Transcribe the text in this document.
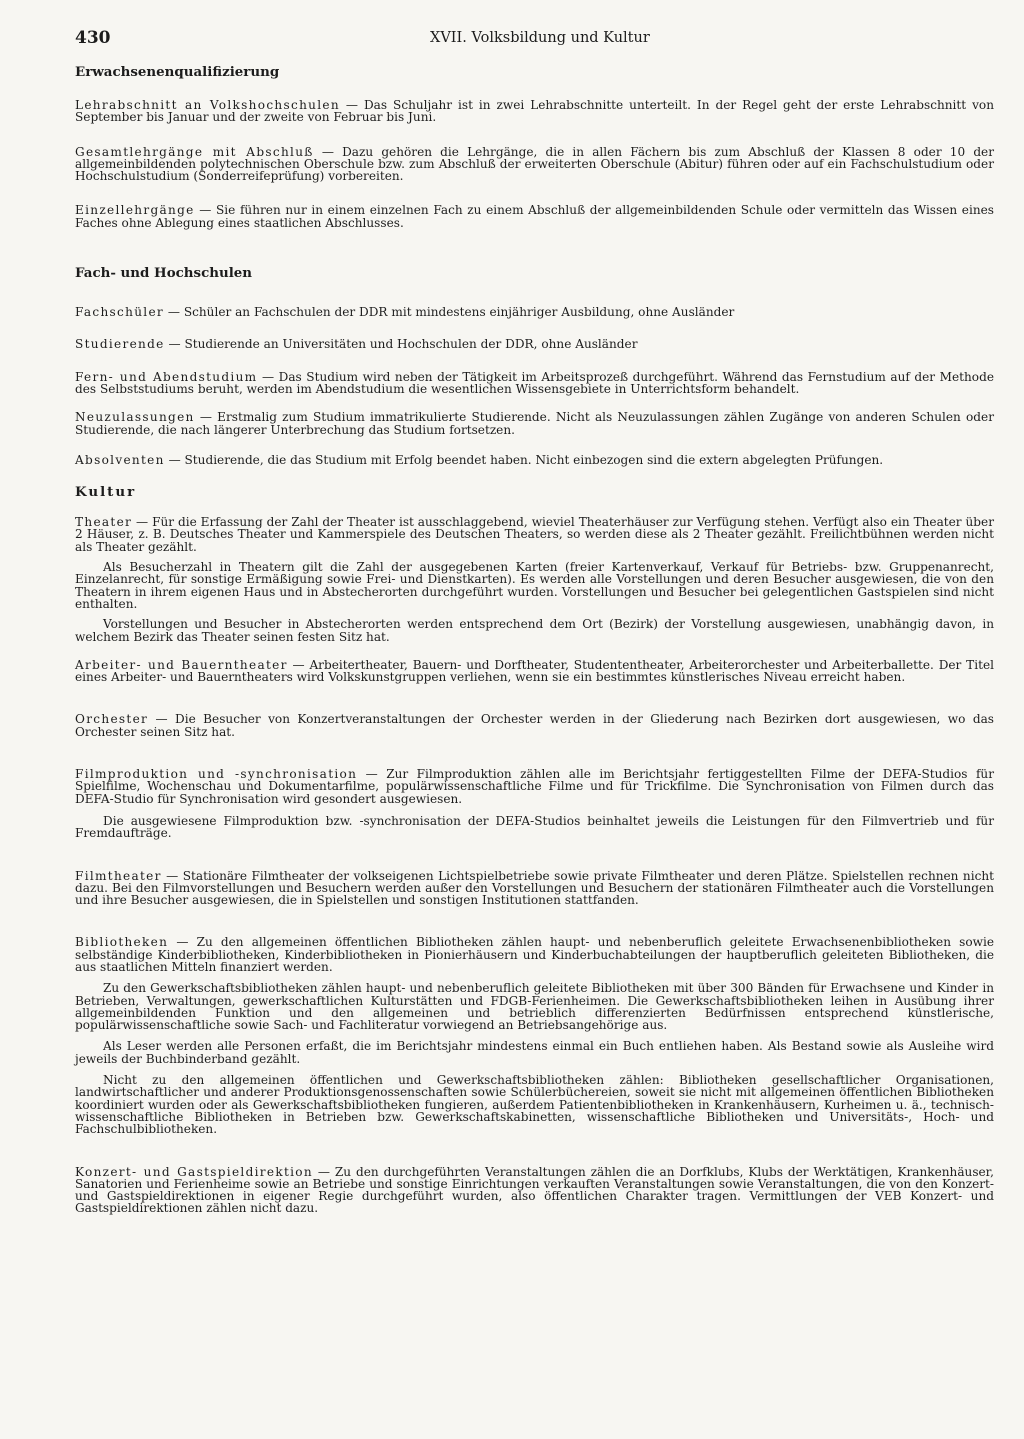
430	XVII. Volksbildung und Kultur
Erwachsenenqualifizierung

Lehrabschnitt an Volkshochschulen — Das Schuljahr ist in zwei Lehrabschnitte unterteilt. In der Regel geht der erste Lehrabschnitt von September bis Januar und der zweite von Februar bis Juni.

Gesamtlehrgänge mit Abschluß — Dazu gehören die Lehrgänge, die in allen Fächern bis zum Abschluß der Klassen 8 oder 10 der allgemeinbildenden polytechnischen Oberschule bzw. zum Abschluß der erweiterten Oberschule (Abitur) führen oder auf ein Fachschulstudium oder Hochschulstudium (Sonderreifeprüfung) vorbereiten.

Einzellehrgänge — Sie führen nur in einem einzelnen Fach zu einem Abschluß der allgemeinbildenden Schule oder vermitteln das Wissen eines Faches ohne Ablegung eines staatlichen Abschlusses.

Fach- und Hochschulen

Fachschüler — Schüler an Fachschulen der DDR mit mindestens einjähriger Ausbildung, ohne Ausländer

Studierende — Studierende an Universitäten und Hochschulen der DDR, ohne Ausländer

Fern- und Abendstudium — Das Studium wird neben der Tätigkeit im Arbeitsprozeß durchgeführt. Während das Fernstudium auf der Methode des Selbststudiums beruht, werden im Abendstudium die wesentlichen Wissensgebiete in Unterrichtsform behandelt.

Neuzulassungen — Erstmalig zum Studium immatrikulierte Studierende. Nicht als Neuzulassungen zählen Zugänge von anderen Schulen oder Studierende, die nach längerer Unterbrechung das Studium fortsetzen.

Absolventen — Studierende, die das Studium mit Erfolg beendet haben. Nicht einbezogen sind die extern abgelegten Prüfungen.

Kultur

Theater — Für die Erfassung der Zahl der Theater ist ausschlaggebend, wieviel Theaterhäuser zur Verfügung stehen. Verfügt also ein Theater über 2 Häuser, z. B. Deutsches Theater und Kammerspiele des Deutschen Theaters, so werden diese als 2 Theater gezählt. Freilichtbühnen werden nicht als Theater gezählt.

Als Besucherzahl in Theatern gilt die Zahl der ausgegebenen Karten (freier Kartenverkauf, Verkauf für Betriebs- bzw. Gruppenanrecht, Einzelanrecht, für sonstige Ermäßigung sowie Frei- und Dienstkarten). Es werden alle Vorstellungen und deren Besucher ausgewiesen, die von den Theatern in ihrem eigenen Haus und in Abstecherorten durchgeführt wurden. Vorstellungen und Besucher bei gelegentlichen Gastspielen sind nicht enthalten.

Vorstellungen und Besucher in Abstecherorten werden entsprechend dem Ort (Bezirk) der Vorstellung ausgewiesen, unabhängig davon, in welchem Bezirk das Theater seinen festen Sitz hat.

Arbeiter- und Bauerntheater — Arbeitertheater, Bauern- und Dorftheater, Studententheater, Arbeiterorchester und Arbeiterballette. Der Titel eines Arbeiter- und Bauerntheaters wird Volkskunstgruppen verliehen, wenn sie ein bestimmtes künstlerisches Niveau erreicht haben.

Orchester — Die Besucher von Konzertveranstaltungen der Orchester werden in der Gliederung nach Bezirken dort ausgewiesen, wo das Orchester seinen Sitz hat.

Filmproduktion und -synchronisation — Zur Filmproduktion zählen alle im Berichtsjahr fertiggestellten Filme der DEFA-Studios für Spielfilme, Wochenschau und Dokumentarfilme, populärwissenschaftliche Filme und für Trickfilme. Die Synchronisation von Filmen durch das DEFA-Studio für Synchronisation wird gesondert ausgewiesen.

Die ausgewiesene Filmproduktion bzw. -synchronisation der DEFA-Studios beinhaltet jeweils die Leistungen für den Filmvertrieb und für Fremdaufträge.

Filmtheater — Stationäre Filmtheater der volkseigenen Lichtspielbetriebe sowie private Filmtheater und deren Plätze. Spielstellen rechnen nicht dazu. Bei den Filmvorstellungen und Besuchern werden außer den Vorstellungen und Besuchern der stationären Filmtheater auch die Vorstellungen und ihre Besucher ausgewiesen, die in Spielstellen und sonstigen Institutionen stattfanden.

Bibliotheken — Zu den allgemeinen öffentlichen Bibliotheken zählen haupt- und nebenberuflich geleitete Erwachsenenbibliotheken sowie selbständige Kinderbibliotheken, Kinderbibliotheken in Pionierhäusern und Kinderbuchabteilungen der hauptberuflich geleiteten Bibliotheken, die aus staatlichen Mitteln finanziert werden.

Zu den Gewerkschaftsbibliotheken zählen haupt- und nebenberuflich geleitete Bibliotheken mit über 300 Bänden für Erwachsene und Kinder in Betrieben, Verwaltungen, gewerkschaftlichen Kulturstätten und FDGB-Ferienheimen. Die Gewerkschaftsbibliotheken leihen in Ausübung ihrer allgemeinbildenden Funktion und den allgemeinen und betrieblich differenzierten Bedürfnissen entsprechend künstlerische, populärwissenschaftliche sowie Sach- und Fachliteratur vorwiegend an Betriebsangehörige aus.

Als Leser werden alle Personen erfaßt, die im Berichtsjahr mindestens einmal ein Buch entliehen haben. Als Bestand sowie als Ausleihe wird jeweils der Buchbinderband gezählt.

Nicht zu den allgemeinen öffentlichen und Gewerkschaftsbibliotheken zählen: Bibliotheken gesellschaftlicher Organisationen, landwirtschaftlicher und anderer Produktionsgenossenschaften sowie Schülerbüchereien, soweit sie nicht mit allgemeinen öffentlichen Bibliotheken koordiniert wurden oder als Gewerkschaftsbibliotheken fungieren, außerdem Patientenbibliotheken in Krankenhäusern, Kurheimen u. ä., technisch-wissenschaftliche Bibliotheken in Betrieben bzw. Gewerkschaftskabinetten, wissenschaftliche Bibliotheken und Universitäts-, Hoch- und Fachschulbibliotheken.

Konzert- und Gastspieldirektion — Zu den durchgeführten Veranstaltungen zählen die an Dorfklubs, Klubs der Werktätigen, Krankenhäuser, Sanatorien und Ferienheime sowie an Betriebe und sonstige Einrichtungen verkauften Veranstaltungen sowie Veranstaltungen, die von den Konzert- und Gastspieldirektionen in eigener Regie durchgeführt wurden, also öffentlichen Charakter tragen. Vermittlungen der VEB Konzert- und Gastspieldirektionen zählen nicht dazu.
